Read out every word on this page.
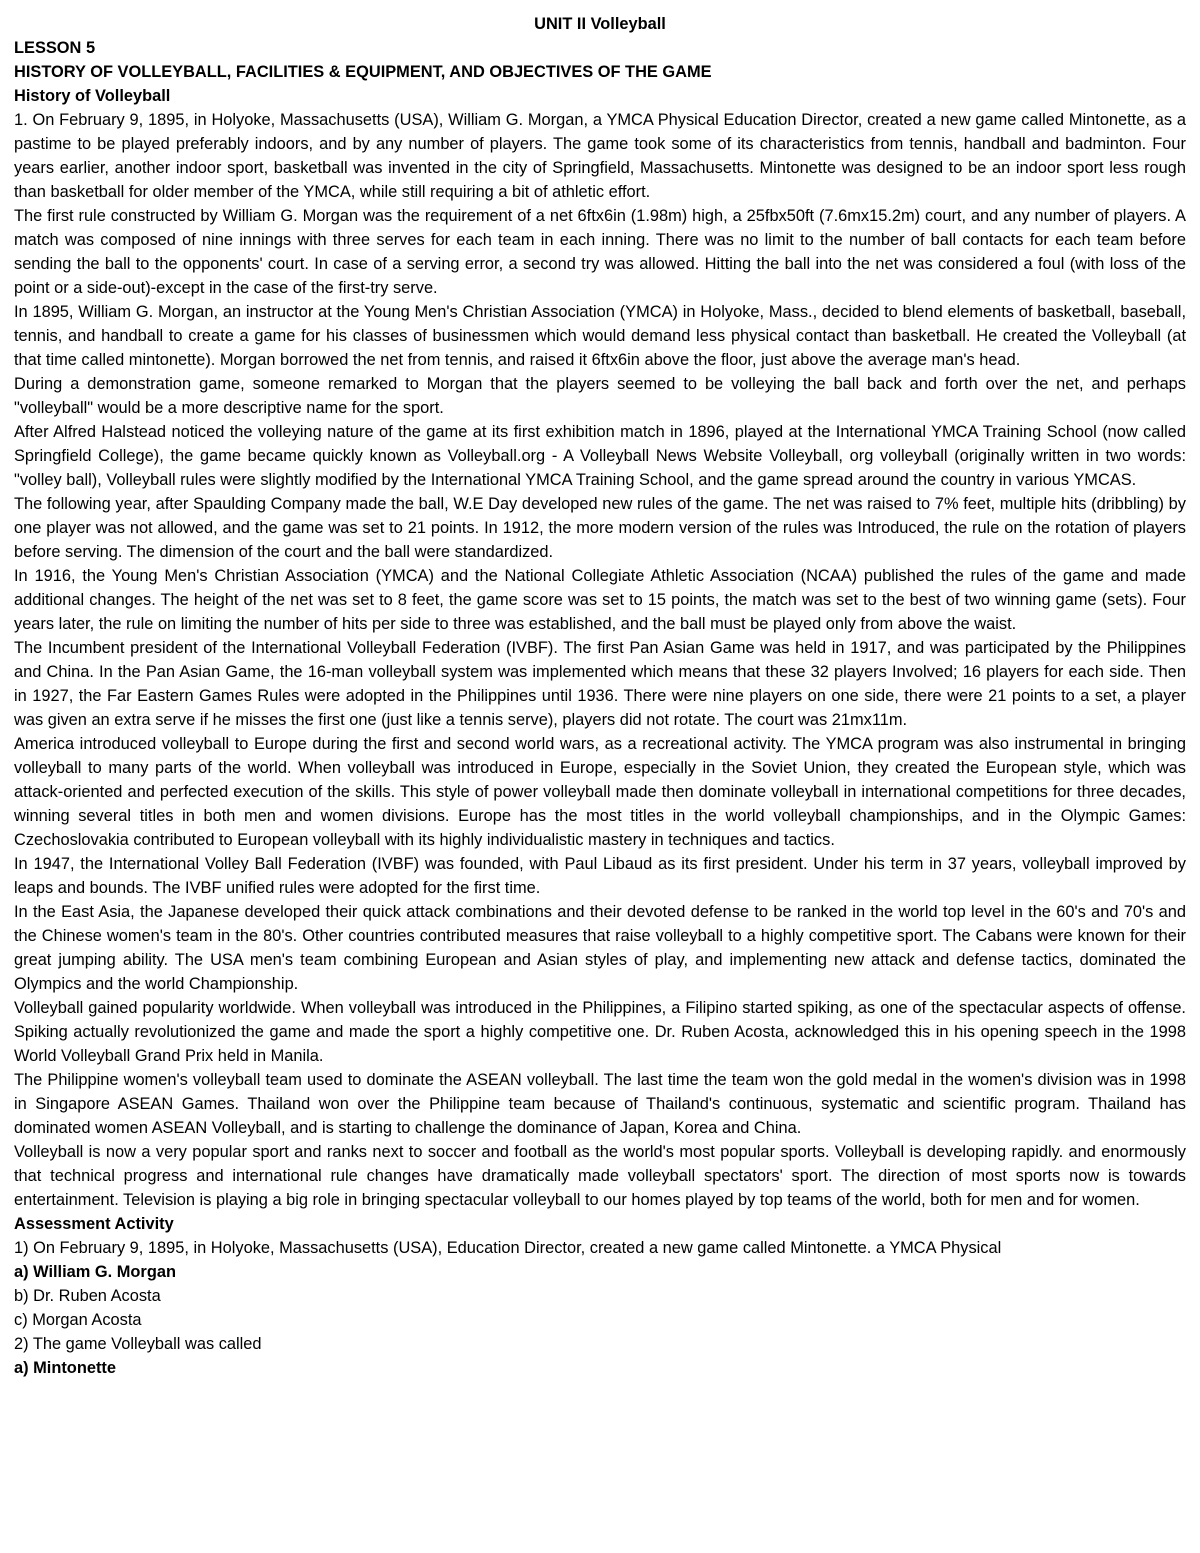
UNIT II Volleyball

LESSON 5

HISTORY OF VOLLEYBALL, FACILITIES & EQUIPMENT, AND OBJECTIVES OF THE GAME

History of Volleyball

1. On February 9, 1895, in Holyoke, Massachusetts (USA), William G. Morgan, a YMCA Physical Education Director, created a new game called Mintonette, as a pastime to be played preferably indoors, and by any number of players. The game took some of its characteristics from tennis, handball and badminton. Four years earlier, another indoor sport, basketball was invented in the city of Springfield, Massachusetts. Mintonette was designed to be an indoor sport less rough than basketball for older member of the YMCA, while still requiring a bit of athletic effort.

The first rule constructed by William G. Morgan was the requirement of a net 6ftx6in (1.98m) high, a 25fbx50ft (7.6mx15.2m) court, and any number of players. A match was composed of nine innings with three serves for each team in each inning. There was no limit to the number of ball contacts for each team before sending the ball to the opponents' court. In case of a serving error, a second try was allowed. Hitting the ball into the net was considered a foul (with loss of the point or a side-out)-except in the case of the first-try serve.

In 1895, William G. Morgan, an instructor at the Young Men's Christian Association (YMCA) in Holyoke, Mass., decided to blend elements of basketball, baseball, tennis, and handball to create a game for his classes of businessmen which would demand less physical contact than basketball. He created the Volleyball (at that time called mintonette). Morgan borrowed the net from tennis, and raised it 6ftx6in above the floor, just above the average man's head.

During a demonstration game, someone remarked to Morgan that the players seemed to be volleying the ball back and forth over the net, and perhaps "volleyball" would be a more descriptive name for the sport.

After Alfred Halstead noticed the volleying nature of the game at its first exhibition match in 1896, played at the International YMCA Training School (now called Springfield College), the game became quickly known as Volleyball.org - A Volleyball News Website Volleyball, org volleyball (originally written in two words: "volley ball), Volleyball rules were slightly modified by the International YMCA Training School, and the game spread around the country in various YMCAS.

The following year, after Spaulding Company made the ball, W.E Day developed new rules of the game. The net was raised to 7% feet, multiple hits (dribbling) by one player was not allowed, and the game was set to 21 points. In 1912, the more modern version of the rules was Introduced, the rule on the rotation of players before serving. The dimension of the court and the ball were standardized.

In 1916, the Young Men's Christian Association (YMCA) and the National Collegiate Athletic Association (NCAA) published the rules of the game and made additional changes. The height of the net was set to 8 feet, the game score was set to 15 points, the match was set to the best of two winning game (sets). Four years later, the rule on limiting the number of hits per side to three was established, and the ball must be played only from above the waist.

The Incumbent president of the International Volleyball Federation (IVBF). The first Pan Asian Game was held in 1917, and was participated by the Philippines and China. In the Pan Asian Game, the 16-man volleyball system was implemented which means that these 32 players Involved; 16 players for each side. Then in 1927, the Far Eastern Games Rules were adopted in the Philippines until 1936. There were nine players on one side, there were 21 points to a set, a player was given an extra serve if he misses the first one (just like a tennis serve), players did not rotate. The court was 21mx11m.

America introduced volleyball to Europe during the first and second world wars, as a recreational activity. The YMCA program was also instrumental in bringing volleyball to many parts of the world. When volleyball was introduced in Europe, especially in the Soviet Union, they created the European style, which was attack-oriented and perfected execution of the skills. This style of power volleyball made then dominate volleyball in international competitions for three decades, winning several titles in both men and women divisions. Europe has the most titles in the world volleyball championships, and in the Olympic Games: Czechoslovakia contributed to European volleyball with its highly individualistic mastery in techniques and tactics.

In 1947, the International Volley Ball Federation (IVBF) was founded, with Paul Libaud as its first president. Under his term in 37 years, volleyball improved by leaps and bounds. The IVBF unified rules were adopted for the first time.

In the East Asia, the Japanese developed their quick attack combinations and their devoted defense to be ranked in the world top level in the 60's and 70's and the Chinese women's team in the 80's. Other countries contributed measures that raise volleyball to a highly competitive sport. The Cabans were known for their great jumping ability. The USA men's team combining European and Asian styles of play, and implementing new attack and defense tactics, dominated the Olympics and the world Championship.

Volleyball gained popularity worldwide. When volleyball was introduced in the Philippines, a Filipino started spiking, as one of the spectacular aspects of offense. Spiking actually revolutionized the game and made the sport a highly competitive one. Dr. Ruben Acosta, acknowledged this in his opening speech in the 1998 World Volleyball Grand Prix held in Manila.

The Philippine women's volleyball team used to dominate the ASEAN volleyball. The last time the team won the gold medal in the women's division was in 1998 in Singapore ASEAN Games. Thailand won over the Philippine team because of Thailand's continuous, systematic and scientific program. Thailand has dominated women ASEAN Volleyball, and is starting to challenge the dominance of Japan, Korea and China.

Volleyball is now a very popular sport and ranks next to soccer and football as the world's most popular sports. Volleyball is developing rapidly. and enormously that technical progress and international rule changes have dramatically made volleyball spectators' sport. The direction of most sports now is towards entertainment. Television is playing a big role in bringing spectacular volleyball to our homes played by top teams of the world, both for men and for women.

Assessment Activity

1) On February 9, 1895, in Holyoke, Massachusetts (USA), Education Director, created a new game called Mintonette. a YMCA Physical

a) William G. Morgan

b) Dr. Ruben Acosta

c) Morgan Acosta

2) The game Volleyball was called

a) Mintonette
